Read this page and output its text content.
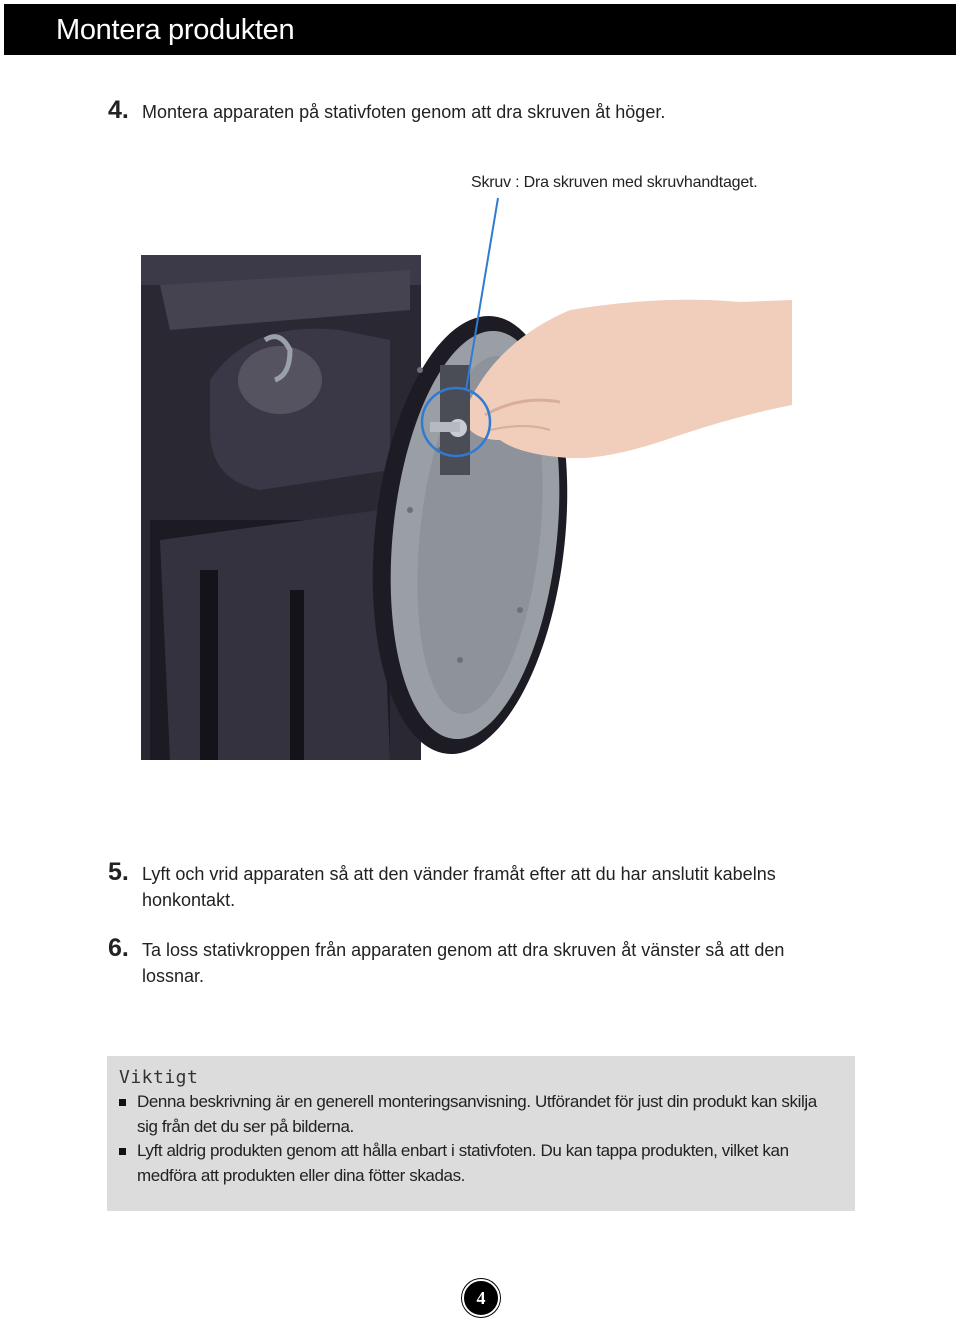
Montera produkten
4. Montera apparaten på stativfoten genom att dra skruven åt höger.
Skruv : Dra skruven med skruvhandtaget.
5. Lyft och vrid apparaten så att den vänder framåt efter att du har anslutit kabelns honkontakt.
6. Ta loss stativkroppen från apparaten genom att dra skruven åt vänster så att den lossnar.
Viktigt
Denna beskrivning är en generell monteringsanvisning. Utförandet för just din produkt kan skilja sig från det du ser på bilderna.
Lyft aldrig produkten genom att hålla enbart i stativfoten. Du kan tappa produkten, vilket kan medföra att produkten eller dina fötter skadas.
4
